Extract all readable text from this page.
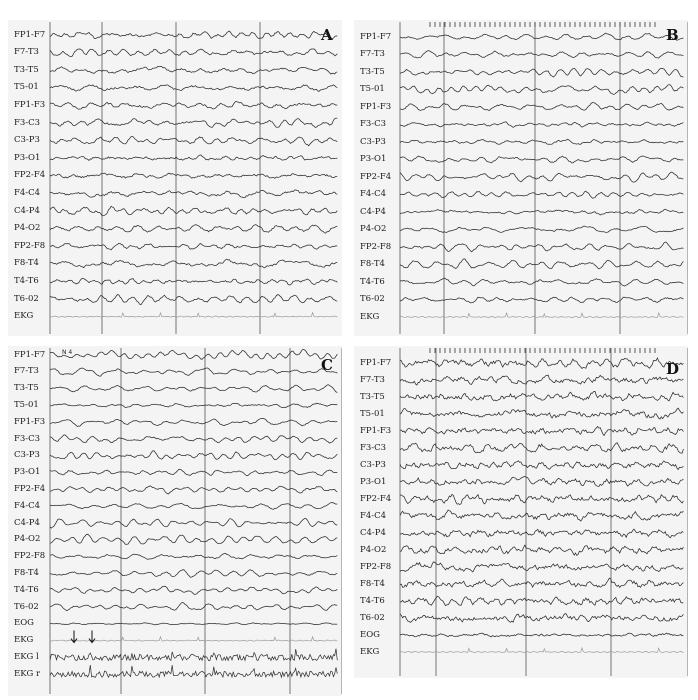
A
FP1-F7
F7-T3
T3-T5
T5-01
FP1-F3
F3-C3
C3-P3
P3-O1
FP2-F4
F4-C4
C4-P4
P4-O2
FP2-F8
F8-T4
T4-T6
T6-02
EKG
B
FP1-F7
F7-T3
T3-T5
T5-01
FP1-F3
F3-C3
C3-P3
P3-O1
FP2-F4
F4-C4
C4-P4
P4-O2
FP2-F8
F8-T4
T4-T6
T6-02
EKG
C
N 4
FP1-F7
F7-T3
T3-T5
T5-01
FP1-F3
F3-C3
C3-P3
P3-O1
FP2-F4
F4-C4
C4-P4
P4-O2
FP2-F8
F8-T4
T4-T6
T6-02
EOG
EKG
EKG l
EKG r
D
FP1-F7
F7-T3
T3-T5
T5-01
FP1-F3
F3-C3
C3-P3
P3-O1
FP2-F4
F4-C4
C4-P4
P4-O2
FP2-F8
F8-T4
T4-T6
T6-02
EOG
EKG
